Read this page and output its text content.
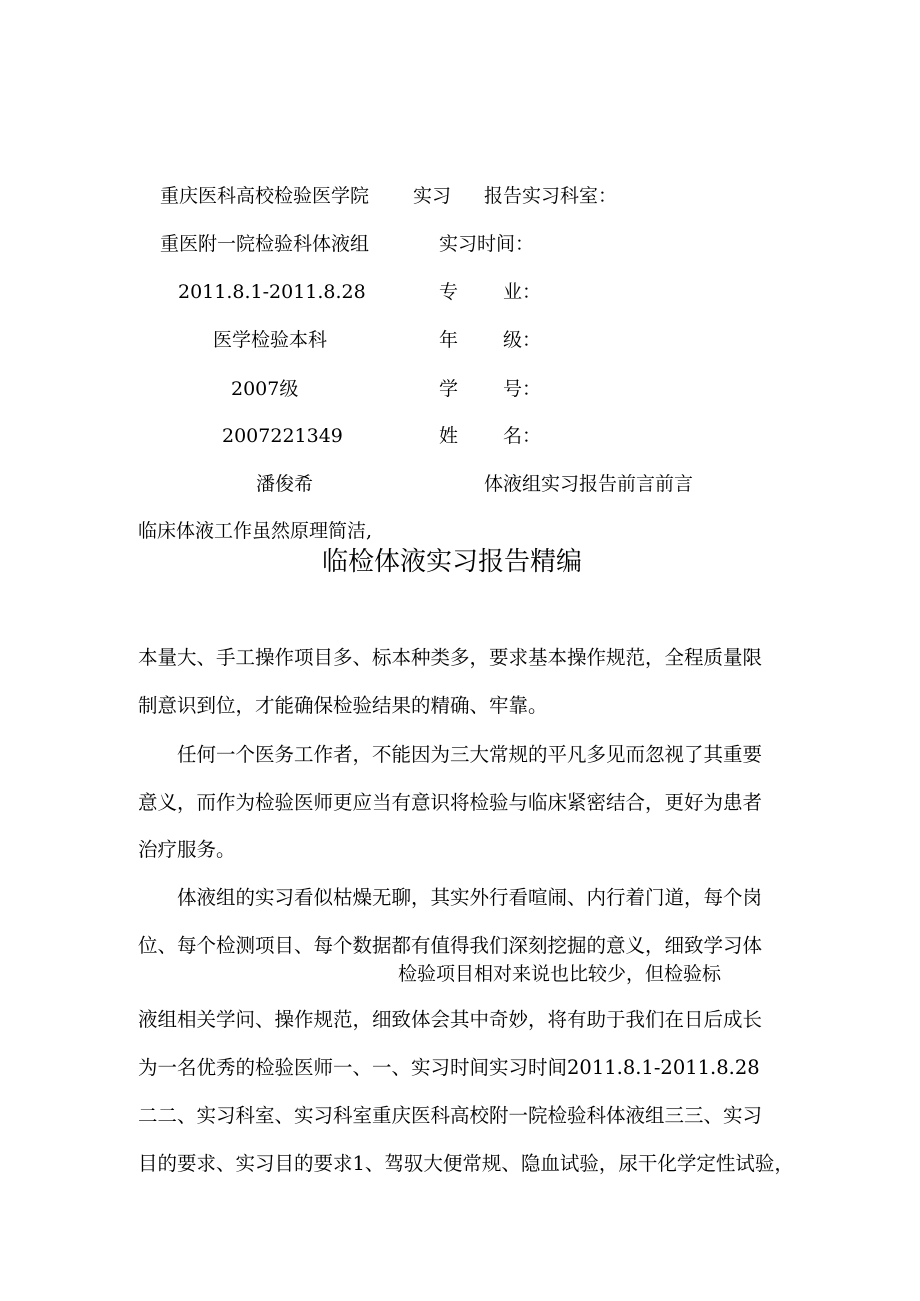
重庆医科高校检验医学院 实习 报告实习科室：
重医附一院检验科体液组	实习时间：
2011.8.1-2011.8.28	专 业：
医学检验本科	年 级：
2007级	学 号：
2007221349	姓 名：
潘俊希	体液组实习报告前言前言
临床体液工作虽然原理简洁,
临检体液实习报告精编
本量大、手工操作项目多、标本种类多，要求基本操作规范，全程质量限
制意识到位，才能确保检验结果的精确、牢靠。
任何一个医务工作者，不能因为三大常规的平凡多见而忽视了其重要
意义，而作为检验医师更应当有意识将检验与临床紧密结合，更好为患者
治疗服务。
体液组的实习看似枯燥无聊，其实外行看喧闹、内行着门道，每个岗
位、每个检测项目、每个数据都有值得我们深刻挖掘的意义，细致学习体
检验项目相对来说也比较少，但检验标
液组相关学问、操作规范，细致体会其中奇妙，将有助于我们在日后成长
为一名优秀的检验医师一、一、实习时间实习时间2011.8.1-2011.8.28
二二、实习科室、实习科室重庆医科高校附一院检验科体液组三三、实习
目的要求、实习目的要求1、驾驭大便常规、隐血试验，尿干化学定性试验，
